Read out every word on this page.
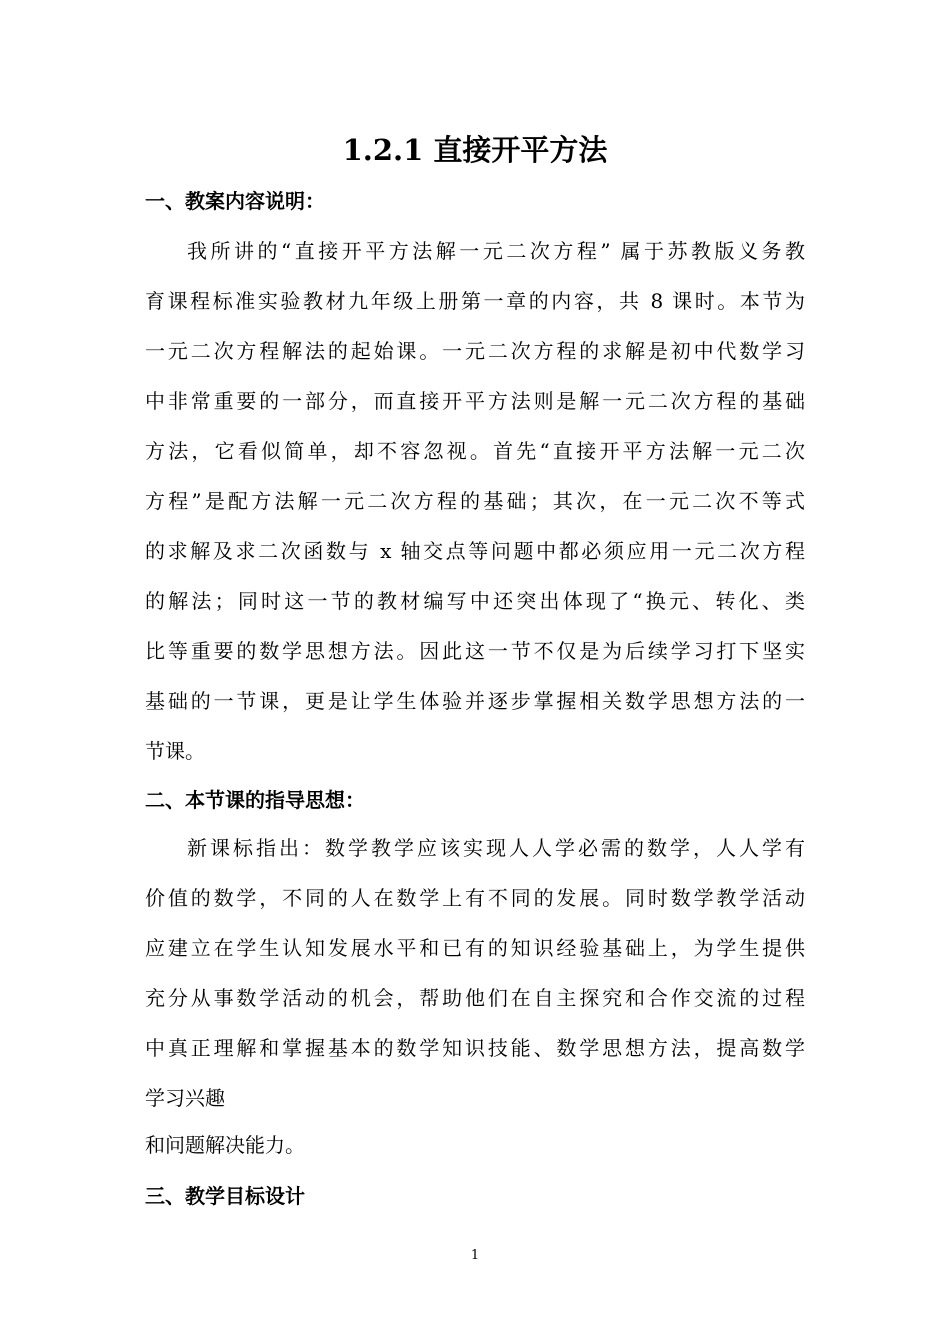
1.2.1 直接开平方法
一、教案内容说明：
我所讲的“直接开平方法解一元二次方程” 属于苏教版义务教
育课程标准实验教材九年级上册第一章的内容，共 8 课时。本节为
一元二次方程解法的起始课。一元二次方程的求解是初中代数学习
中非常重要的一部分，而直接开平方法则是解一元二次方程的基础
方法，它看似简单，却不容忽视。首先“直接开平方法解一元二次
方程”是配方法解一元二次方程的基础；其次，在一元二次不等式
的求解及求二次函数与 x 轴交点等问题中都必须应用一元二次方程
的解法；同时这一节的教材编写中还突出体现了“换元、转化、类
比等重要的数学思想方法。因此这一节不仅是为后续学习打下坚实
基础的一节课，更是让学生体验并逐步掌握相关数学思想方法的一
节课。
二、本节课的指导思想：
新课标指出：数学教学应该实现人人学必需的数学，人人学有
价值的数学，不同的人在数学上有不同的发展。同时数学教学活动
应建立在学生认知发展水平和已有的知识经验基础上，为学生提供
充分从事数学活动的机会，帮助他们在自主探究和合作交流的过程
中真正理解和掌握基本的数学知识技能、数学思想方法，提高数学
学习兴趣
和问题解决能力。
三、教学目标设计
1
